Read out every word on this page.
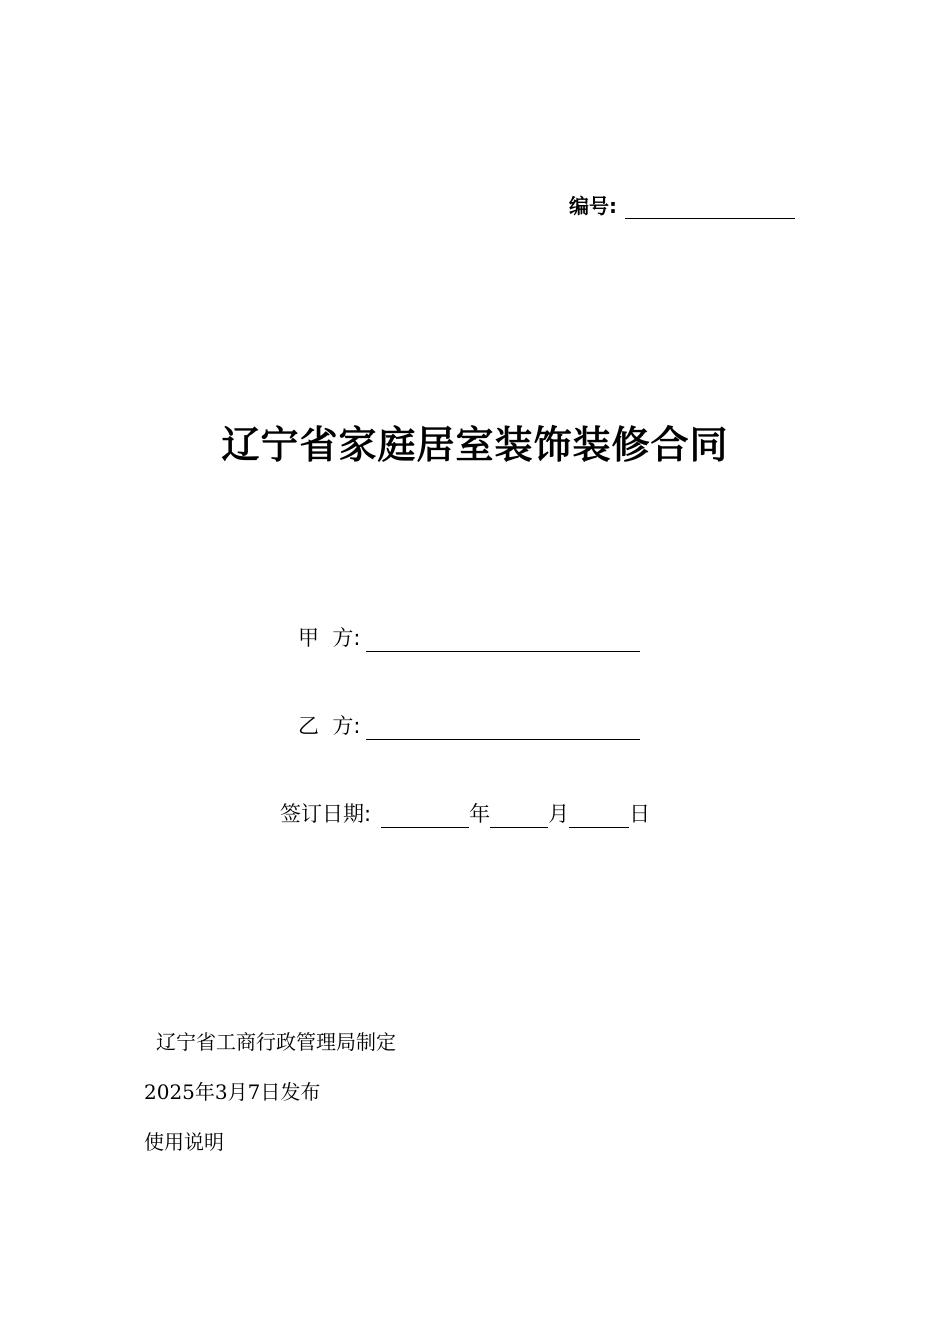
编号:
辽宁省家庭居室装饰装修合同
甲  方:
乙  方:
签订日期:	年	月	日
辽宁省工商行政管理局制定
2025年3月7日发布
使用说明
